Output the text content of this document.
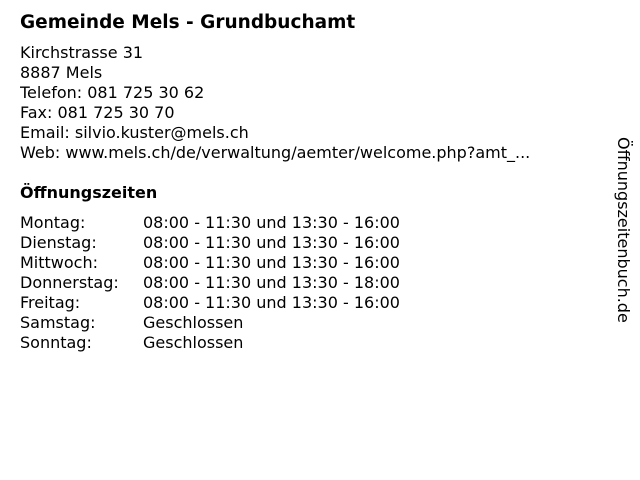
Gemeinde Mels - Grundbuchamt
Kirchstrasse 31
8887 Mels
Telefon: 081 725 30 62
Fax: 081 725 30 70
Email: silvio.kuster@mels.ch
Web: www.mels.ch/de/verwaltung/aemter/welcome.php?amt_...
Öffnungszeiten
Montag:	08:00 - 11:30 und 13:30 - 16:00
Dienstag:	08:00 - 11:30 und 13:30 - 16:00
Mittwoch:	08:00 - 11:30 und 13:30 - 16:00
Donnerstag:	08:00 - 11:30 und 13:30 - 18:00
Freitag:	08:00 - 11:30 und 13:30 - 16:00
Samstag:	Geschlossen
Sonntag:	Geschlossen
Öffnungszeitenbuch.de
